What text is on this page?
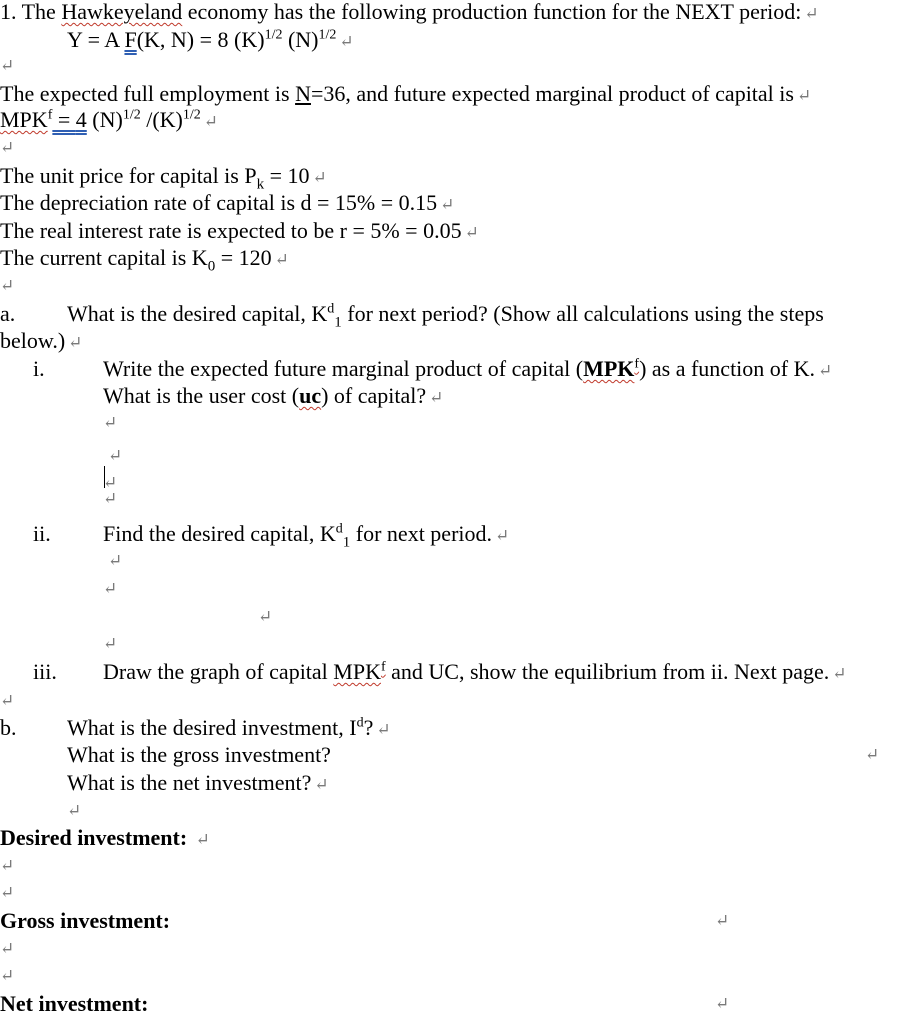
1. The Hawkeyeland economy has the following production function for the NEXT period: ↵
Y = A F(K, N) = 8 $(K)^{1/2}$ $(N)^{1/2}$ ↵
↵
The expected full employment is N=36, and future expected marginal product of capital is ↵
$MPK^f = 4$ $(N)^{1/2}$ $/(K)^{1/2}$ ↵
↵
The unit price for capital is $P_k = 10$ ↵
The depreciation rate of capital is d = 15% = 0.15 ↵
The real interest rate is expected to be r = 5% = 0.05 ↵
The current capital is $K_0 = 120$ ↵
↵
a. What is the desired capital, $K^d_1$ for next period? (Show all calculations using the steps
below.) ↵
i.	Write the expected future marginal product of capital (MPK$^f$) as a function of K. ↵
What is the user cost (uc) of capital? ↵
↵
↵
↵
↵
ii. Find the desired capital, $K^d_1$ for next period. ↵
↵
↵
↵
↵
iii. Draw the graph of capital MPK$^f$ and UC, show the equilibrium from ii. Next page. ↵
↵
b. What is the desired investment, $I^d$? ↵
What is the gross investment?	↵
What is the net investment? ↵
↵
Desired investment: ↵
↵
↵
Gross investment:	↵
↵
↵
Net investment:	↵
